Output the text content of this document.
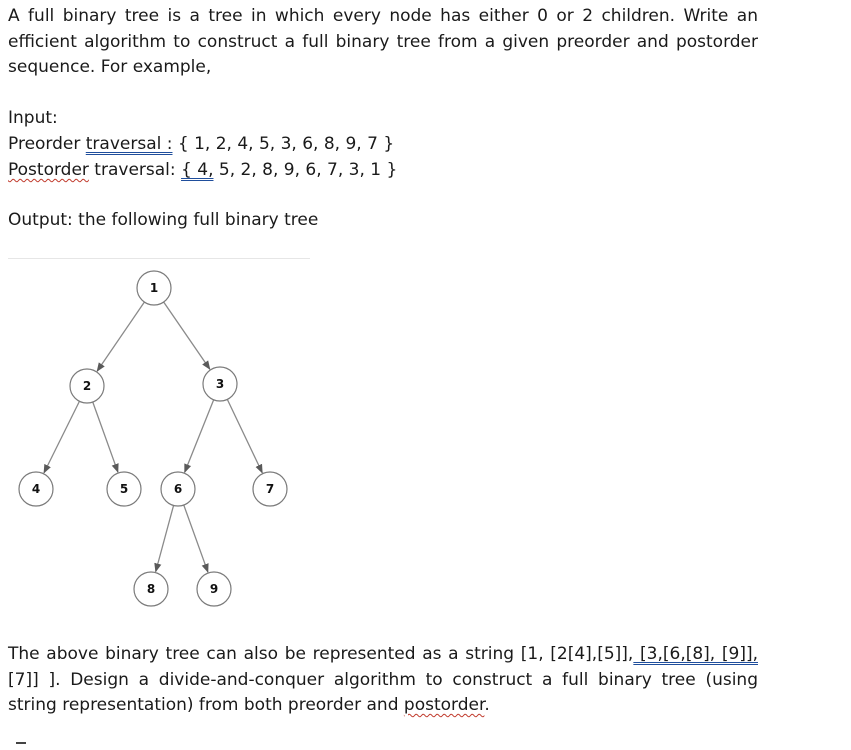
A full binary tree is a tree in which every node has either 0 or 2 children. Write an efficient algorithm to construct a full binary tree from a given preorder and postorder sequence. For example,

Input:

Preorder traversal : { 1, 2, 4, 5, 3, 6, 8, 9, 7 }

Postorder traversal: { 4, 5, 2, 8, 9, 6, 7, 3, 1 }

Output: the following full binary tree

1
2	3
4	5	6	7
8	9

The above binary tree can also be represented as a string [1, [2[4],[5]], [3,[6,[8], [9]], [7]] ]. Design a divide-and-conquer algorithm to construct a full binary tree (using string representation) from both preorder and postorder.
